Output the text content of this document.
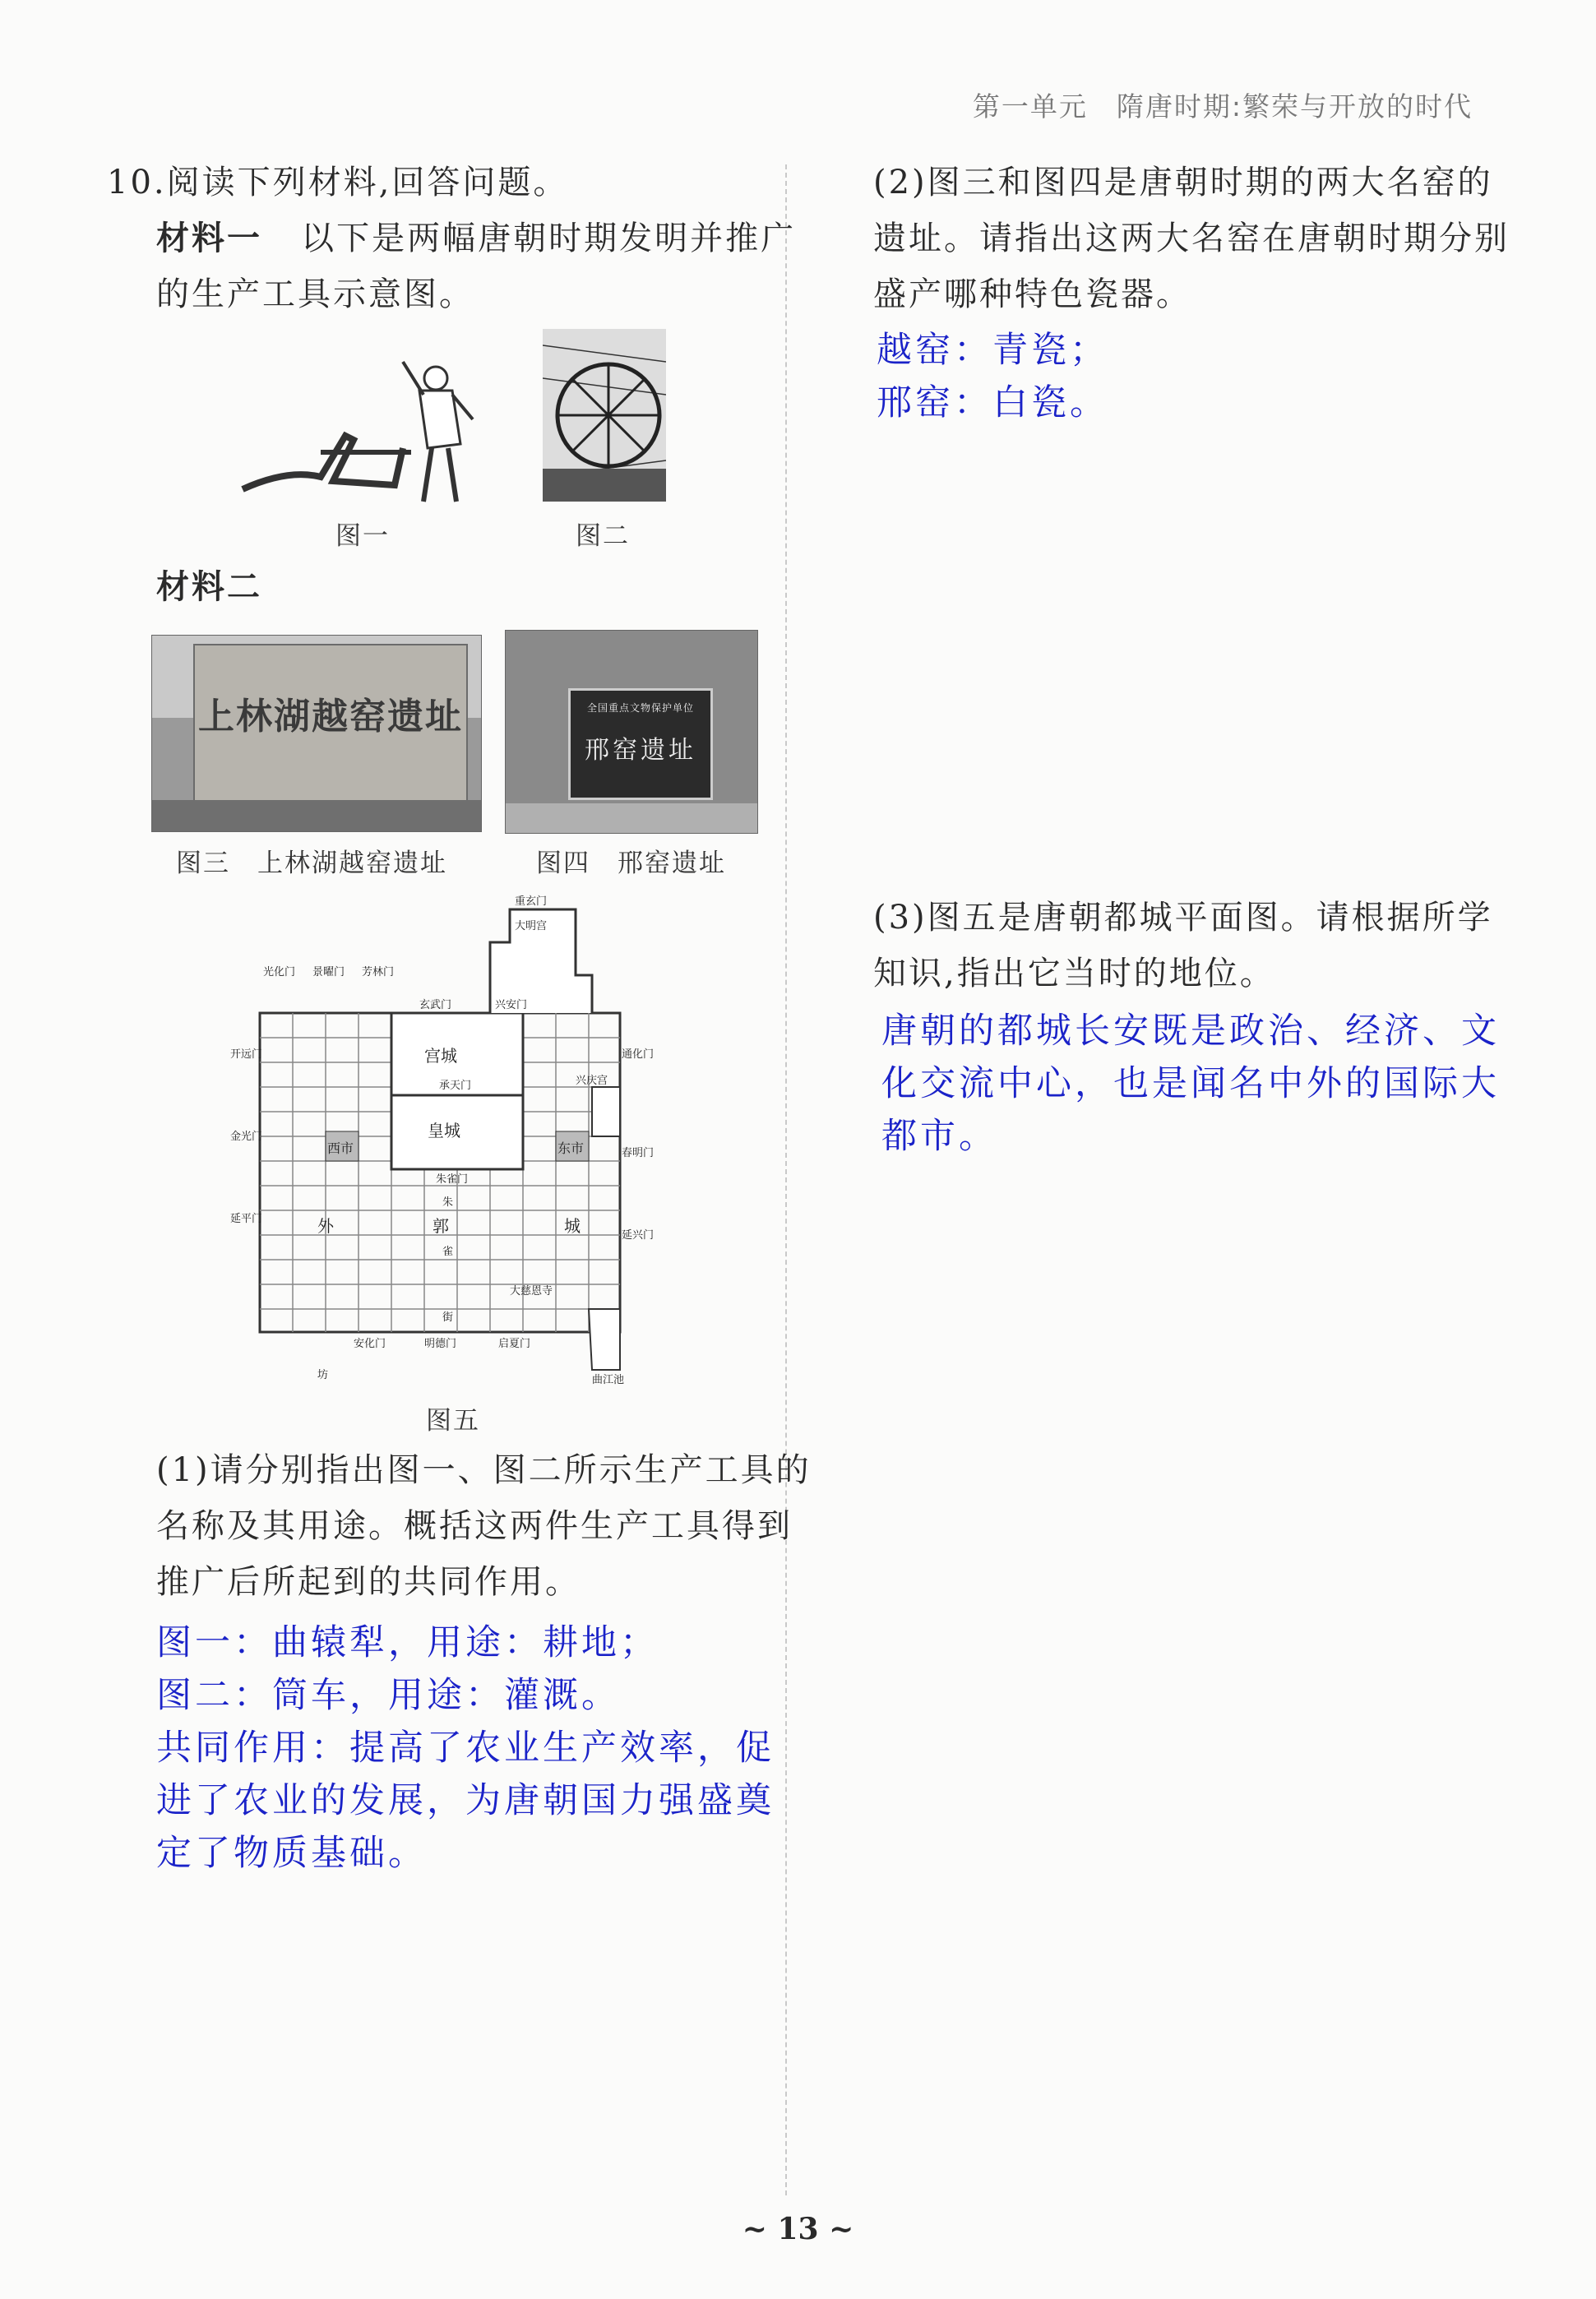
第一单元　隋唐时期:繁荣与开放的时代
10.阅读下列材料,回答问题。
材料一 以下是两幅唐朝时期发明并推广
的生产工具示意图。
图一	图二
材料二
上林湖越窑遗址
图三　上林湖越窑遗址
全国重点文物保护单位
邢窑遗址
图四　邢窑遗址
大明宫
宫城
承天门
皇城
朱雀门
西市	东市
大慈恩寺
坊
外	郭	城
朱
雀
街
安化门	明德门	启夏门
玄武门	兴安门
重玄门
光化门 景曜门 芳林门
开远门
金光门
延平门
通化门
兴庆宫
春明门
延兴门
曲江池
图五
(1)请分别指出图一、图二所示生产工具的
名称及其用途。概括这两件生产工具得到
推广后所起到的共同作用。
图一：曲辕犁，用途：耕地；
图二：筒车，用途：灌溉。
共同作用：提高了农业生产效率，促
进了农业的发展，为唐朝国力强盛奠
定了物质基础。
(2)图三和图四是唐朝时期的两大名窑的
遗址。请指出这两大名窑在唐朝时期分别
盛产哪种特色瓷器。
越窑：青瓷；
邢窑：白瓷。
(3)图五是唐朝都城平面图。请根据所学
知识,指出它当时的地位。
唐朝的都城长安既是政治、经济、文
化交流中心，也是闻名中外的国际大
都市。
~ 13 ~
